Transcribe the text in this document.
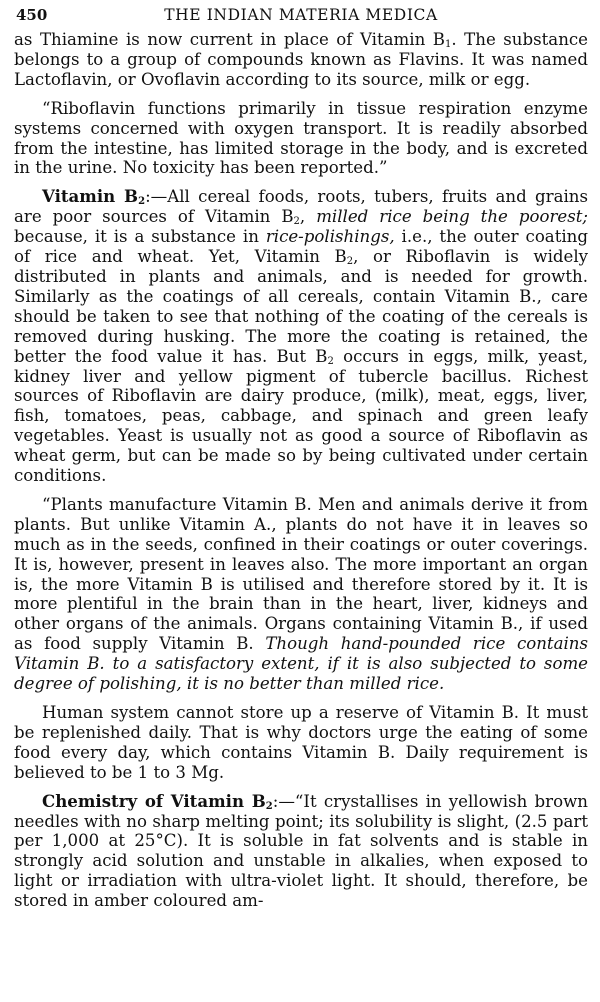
450	THE INDIAN MATERIA MEDICA

as Thiamine is now current in place of Vitamin $B_1$. The substance belongs to a group of compounds known as Flavins. It was named Lactoflavin, or Ovoflavin according to its source, milk or egg.

“Riboflavin functions primarily in tissue respiration enzyme systems concerned with oxygen transport. It is readily absorbed from the intestine, has limited storage in the body, and is excreted in the urine. No toxicity has been reported.”

Vitamin $B_2:—All$ cereal foods, roots, tubers, fruits and grains are poor sources of Vitamin $B_2$, milled rice being the poorest; because, it is a substance in rice-polishings, i.e., the outer coating of rice and wheat. Yet, Vitamin $B_2$, or Riboflavin is widely distributed in plants and animals, and is needed for growth. Similarly as the coatings of all cereals, contain Vitamin B., care should be taken to see that nothing of the coating of the cereals is removed during husking. The more the coating is retained, the better the food value it has. But $B_2$ occurs in eggs, milk, yeast, kidney liver and yellow pigment of tubercle bacillus. Richest sources of Riboflavin are dairy produce, (milk), meat, eggs, liver, fish, tomatoes, peas, cabbage, and spinach and green leafy vegetables. Yeast is usually not as good a source of Riboflavin as wheat germ, but can be made so by being cultivated under certain conditions.

“Plants manufacture Vitamin B. Men and animals derive it from plants. But unlike Vitamin A., plants do not have it in leaves so much as in the seeds, confined in their coatings or outer coverings. It is, however, present in leaves also. The more important an organ is, the more Vitamin B is utilised and therefore stored by it. It is more plentiful in the brain than in the heart, liver, kidneys and other organs of the animals. Organs containing Vitamin B., if used as food supply Vitamin B. Though hand-pounded rice contains Vitamin B. to a satisfactory extent, if it is also subjected to some degree of polishing, it is no better than milled rice.

Human system cannot store up a reserve of Vitamin B. It must be replenished daily. That is why doctors urge the eating of some food every day, which contains Vitamin B. Daily requirement is believed to be 1 to 3 Mg.

Chemistry of Vitamin $B_2:—“It$ crystallises in yellowish brown needles with no sharp melting point; its solubility is slight, (2.5 part per 1,000 at 25°C). It is soluble in fat solvents and is stable in strongly acid solution and unstable in alkalies, when exposed to light or irradiation with ultra-violet light. It should, therefore, be stored in amber coloured am-
